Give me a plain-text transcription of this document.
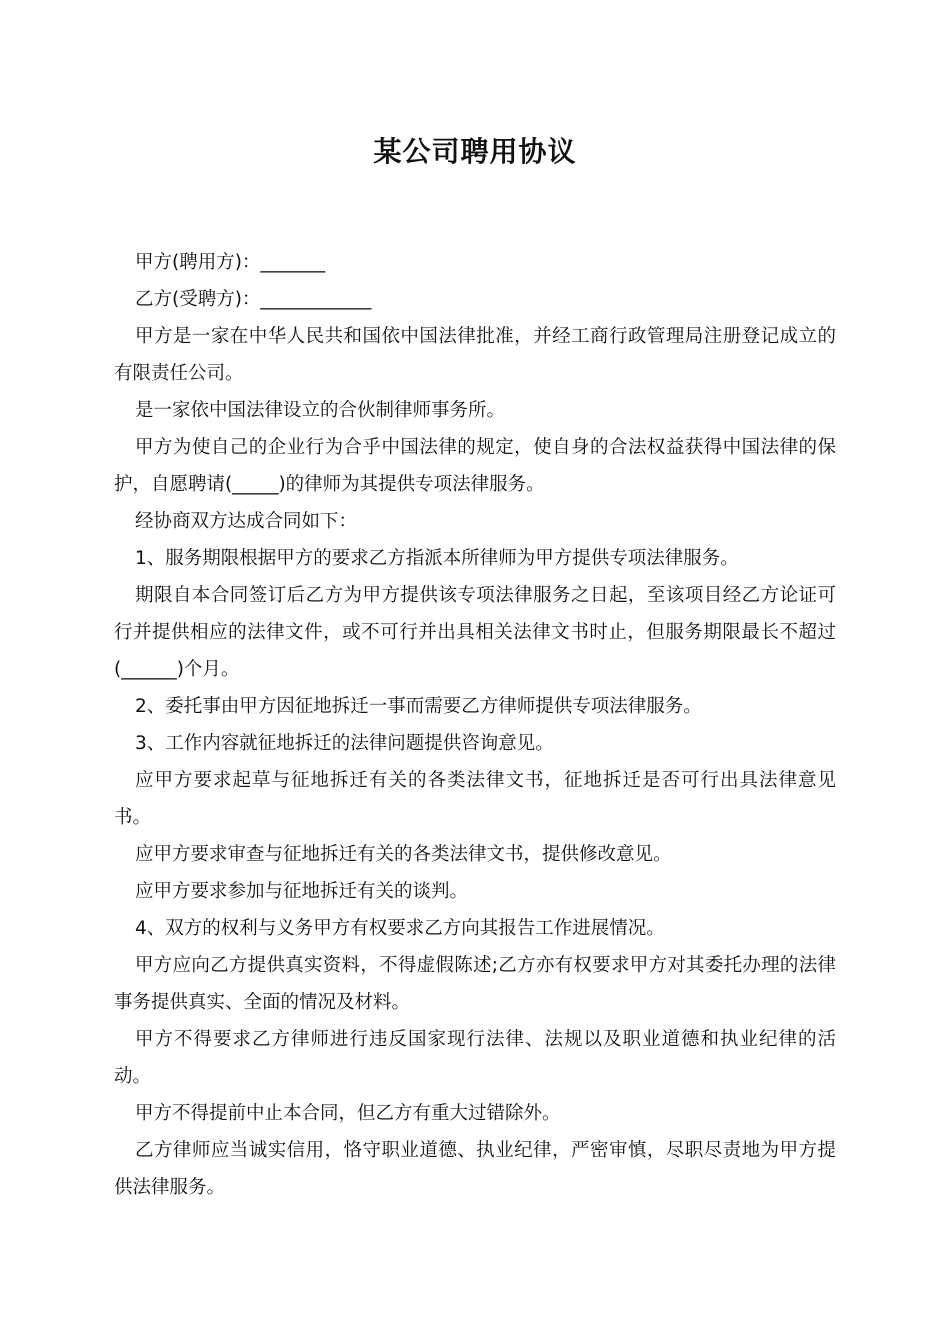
某公司聘用协议

甲方(聘用方)：_______

乙方(受聘方)：____________

甲方是一家在中华人民共和国依中国法律批准，并经工商行政管理局注册登记成立的有限责任公司。

是一家依中国法律设立的合伙制律师事务所。

甲方为使自己的企业行为合乎中国法律的规定，使自身的合法权益获得中国法律的保护，自愿聘请(_____)的律师为其提供专项法律服务。

经协商双方达成合同如下：

1、服务期限根据甲方的要求乙方指派本所律师为甲方提供专项法律服务。

期限自本合同签订后乙方为甲方提供该专项法律服务之日起，至该项目经乙方论证可行并提供相应的法律文件，或不可行并出具相关法律文书时止，但服务期限最长不超过(______)个月。

2、委托事由甲方因征地拆迁一事而需要乙方律师提供专项法律服务。

3、工作内容就征地拆迁的法律问题提供咨询意见。

应甲方要求起草与征地拆迁有关的各类法律文书，征地拆迁是否可行出具法律意见书。

应甲方要求审查与征地拆迁有关的各类法律文书，提供修改意见。

应甲方要求参加与征地拆迁有关的谈判。

4、双方的权利与义务甲方有权要求乙方向其报告工作进展情况。

甲方应向乙方提供真实资料，不得虚假陈述;乙方亦有权要求甲方对其委托办理的法律事务提供真实、全面的情况及材料。

甲方不得要求乙方律师进行违反国家现行法律、法规以及职业道德和执业纪律的活动。

甲方不得提前中止本合同，但乙方有重大过错除外。

乙方律师应当诚实信用，恪守职业道德、执业纪律，严密审慎，尽职尽责地为甲方提供法律服务。
